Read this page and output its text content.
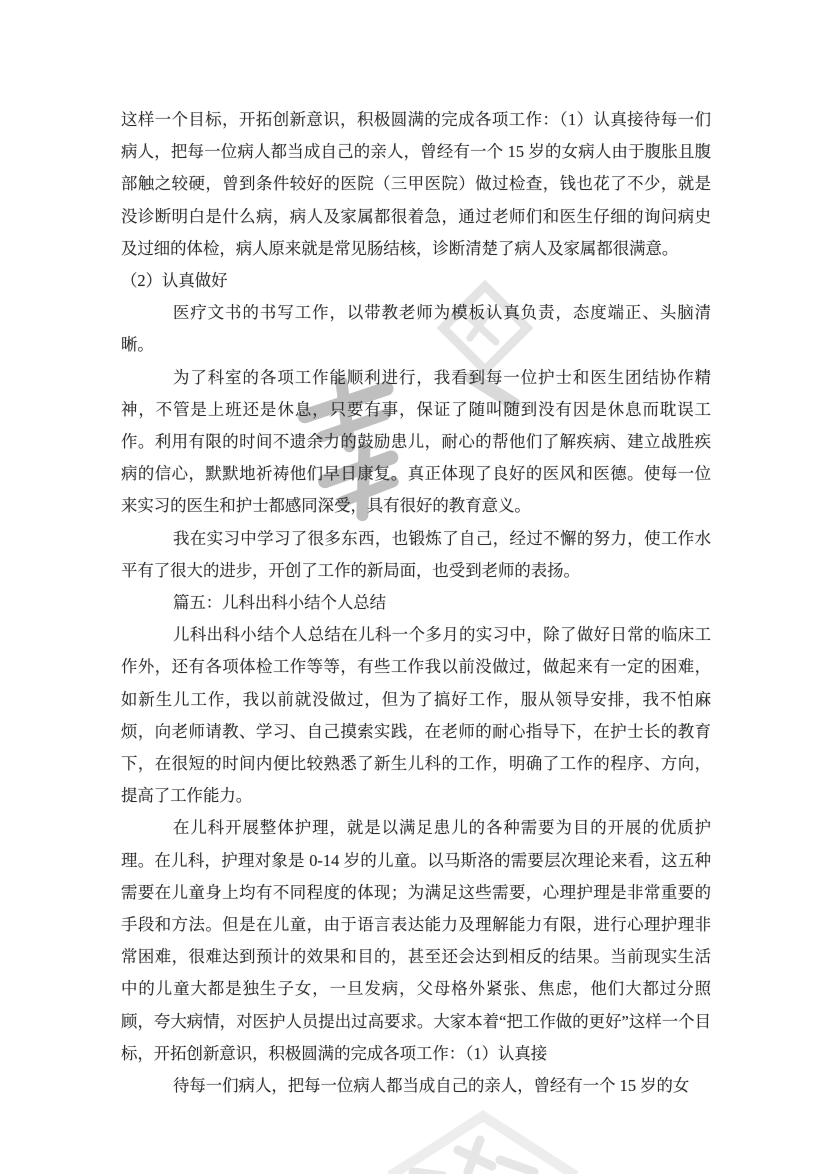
这样一个目标，开拓创新意识，积极圆满的完成各项工作：（1）认真接待每一们病人，把每一位病人都当成自己的亲人，曾经有一个 15 岁的女病人由于腹胀且腹部触之较硬，曾到条件较好的医院（三甲医院）做过检查，钱也花了不少，就是没诊断明白是什么病，病人及家属都很着急，通过老师们和医生仔细的询问病史及过细的体检，病人原来就是常见肠结核，诊断清楚了病人及家属都很满意。

（2）认真做好

医疗文书的书写工作，以带教老师为模板认真负责，态度端正、头脑清晰。

为了科室的各项工作能顺利进行，我看到每一位护士和医生团结协作精神，不管是上班还是休息，只要有事，保证了随叫随到没有因是休息而耽误工作。利用有限的时间不遗余力的鼓励患儿，耐心的帮他们了解疾病、建立战胜疾病的信心，默默地祈祷他们早日康复。真正体现了良好的医风和医德。使每一位来实习的医生和护士都感同深受，具有很好的教育意义。

我在实习中学习了很多东西，也锻炼了自己，经过不懈的努力，使工作水平有了很大的进步，开创了工作的新局面，也受到老师的表扬。

篇五：儿科出科小结个人总结

儿科出科小结个人总结在儿科一个多月的实习中，除了做好日常的临床工作外，还有各项体检工作等等，有些工作我以前没做过，做起来有一定的困难，如新生儿工作，我以前就没做过，但为了搞好工作，服从领导安排，我不怕麻烦，向老师请教、学习、自己摸索实践，在老师的耐心指导下，在护士长的教育下，在很短的时间内便比较熟悉了新生儿科的工作，明确了工作的程序、方向，提高了工作能力。

在儿科开展整体护理，就是以满足患儿的各种需要为目的开展的优质护理。在儿科，护理对象是 0-14 岁的儿童。以马斯洛的需要层次理论来看，这五种需要在儿童身上均有不同程度的体现；为满足这些需要，心理护理是非常重要的手段和方法。但是在儿童，由于语言表达能力及理解能力有限，进行心理护理非常困难，很难达到预计的效果和目的，甚至还会达到相反的结果。当前现实生活中的儿童大都是独生子女，一旦发病，父母格外紧张、焦虑，他们大都过分照顾，夸大病情，对医护人员提出过高要求。大家本着“把工作做的更好”这样一个目标，开拓创新意识，积极圆满的完成各项工作：（1）认真接

待每一们病人，把每一位病人都当成自己的亲人，曾经有一个 15 岁的女
